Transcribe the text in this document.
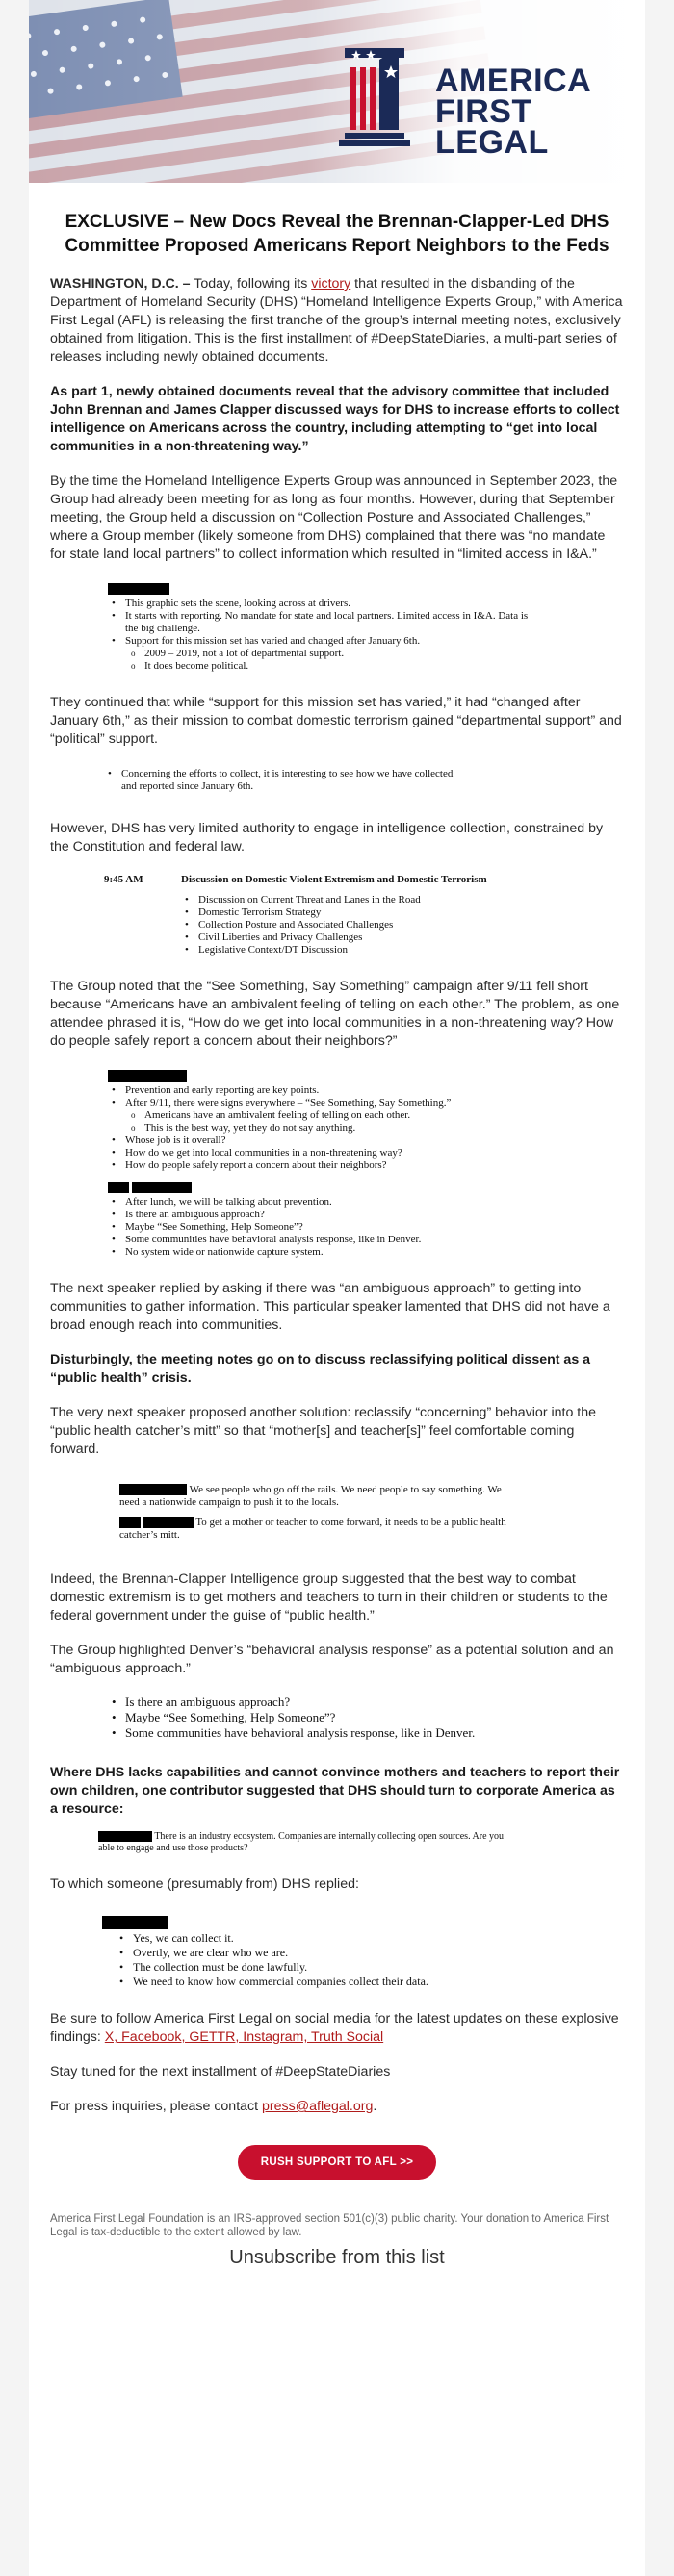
AMERICA
FIRST
LEGAL
EXCLUSIVE – New Docs Reveal the Brennan-Clapper-Led DHS Committee Proposed Americans Report Neighbors to the Feds

WASHINGTON, D.C. – Today, following its victory that resulted in the disbanding of the Department of Homeland Security (DHS) “Homeland Intelligence Experts Group,” with America First Legal (AFL) is releasing the first tranche of the group’s internal meeting notes, exclusively obtained from litigation. This is the first installment of #DeepStateDiaries, a multi-part series of releases including newly obtained documents.

As part 1, newly obtained documents reveal that the advisory committee that included John Brennan and James Clapper discussed ways for DHS to increase efforts to collect intelligence on Americans across the country, including attempting to “get into local communities in a non-threatening way.”

By the time the Homeland Intelligence Experts Group was announced in September 2023, the Group had already been meeting for as long as four months. However, during that September meeting, the Group held a discussion on “Collection Posture and Associated Challenges,” where a Group member (likely someone from DHS) complained that there was “no mandate for state land local partners” to collect information which resulted in “limited access in I&A.”

• This graphic sets the scene, looking across at drivers.
• It starts with reporting. No mandate for state and local partners. Limited access in I&A. Data is the big challenge.
• Support for this mission set has varied and changed after January 6th.
o 2009 – 2019, not a lot of departmental support.
o It does become political.

They continued that while “support for this mission set has varied,” it had “changed after January 6th,” as their mission to combat domestic terrorism gained “departmental support” and “political” support.

• Concerning the efforts to collect, it is interesting to see how we have collected and reported since January 6th.

However, DHS has very limited authority to engage in intelligence collection, constrained by the Constitution and federal law.

9:45 AM	Discussion on Domestic Violent Extremism and Domestic Terrorism
• Discussion on Current Threat and Lanes in the Road
• Domestic Terrorism Strategy
• Collection Posture and Associated Challenges
• Civil Liberties and Privacy Challenges
• Legislative Context/DT Discussion

The Group noted that the “See Something, Say Something” campaign after 9/11 fell short because “Americans have an ambivalent feeling of telling on each other.” The problem, as one attendee phrased it is, “How do we get into local communities in a non-threatening way? How do people safely report a concern about their neighbors?”

• Prevention and early reporting are key points.
• After 9/11, there were signs everywhere – “See Something, Say Something.”
o Americans have an ambivalent feeling of telling on each other.
o This is the best way, yet they do not say anything.
• Whose job is it overall?
• How do we get into local communities in a non-threatening way?
• How do people safely report a concern about their neighbors?

• After lunch, we will be talking about prevention.
• Is there an ambiguous approach?
• Maybe “See Something, Help Someone”?
• Some communities have behavioral analysis response, like in Denver.
• No system wide or nationwide capture system.

The next speaker replied by asking if there was “an ambiguous approach” to getting into communities to gather information. This particular speaker lamented that DHS did not have a broad enough reach into communities.

Disturbingly, the meeting notes go on to discuss reclassifying political dissent as a “public health” crisis.

The very next speaker proposed another solution: reclassify “concerning” behavior into the “public health catcher’s mitt” so that “mother[s] and teacher[s]” feel comfortable coming forward.

We see people who go off the rails. We need people to say something. We need a nationwide campaign to push it to the locals.
To get a mother or teacher to come forward, it needs to be a public health catcher’s mitt.

Indeed, the Brennan-Clapper Intelligence group suggested that the best way to combat domestic extremism is to get mothers and teachers to turn in their children or students to the federal government under the guise of “public health.”

The Group highlighted Denver’s “behavioral analysis response” as a potential solution and an “ambiguous approach.”

• Is there an ambiguous approach?
• Maybe “See Something, Help Someone”?
• Some communities have behavioral analysis response, like in Denver.

Where DHS lacks capabilities and cannot convince mothers and teachers to report their own children, one contributor suggested that DHS should turn to corporate America as a resource:

There is an industry ecosystem. Companies are internally collecting open sources. Are you able to engage and use those products?

To which someone (presumably from) DHS replied:

• Yes, we can collect it.
• Overtly, we are clear who we are.
• The collection must be done lawfully.
• We need to know how commercial companies collect their data.

Be sure to follow America First Legal on social media for the latest updates on these explosive findings: X, Facebook, GETTR, Instagram, Truth Social

Stay tuned for the next installment of #DeepStateDiaries

For press inquiries, please contact press@aflegal.org.

RUSH SUPPORT TO AFL >>

America First Legal Foundation is an IRS-approved section 501(c)(3) public charity. Your donation to America First Legal is tax-deductible to the extent allowed by law.

Unsubscribe from this list
